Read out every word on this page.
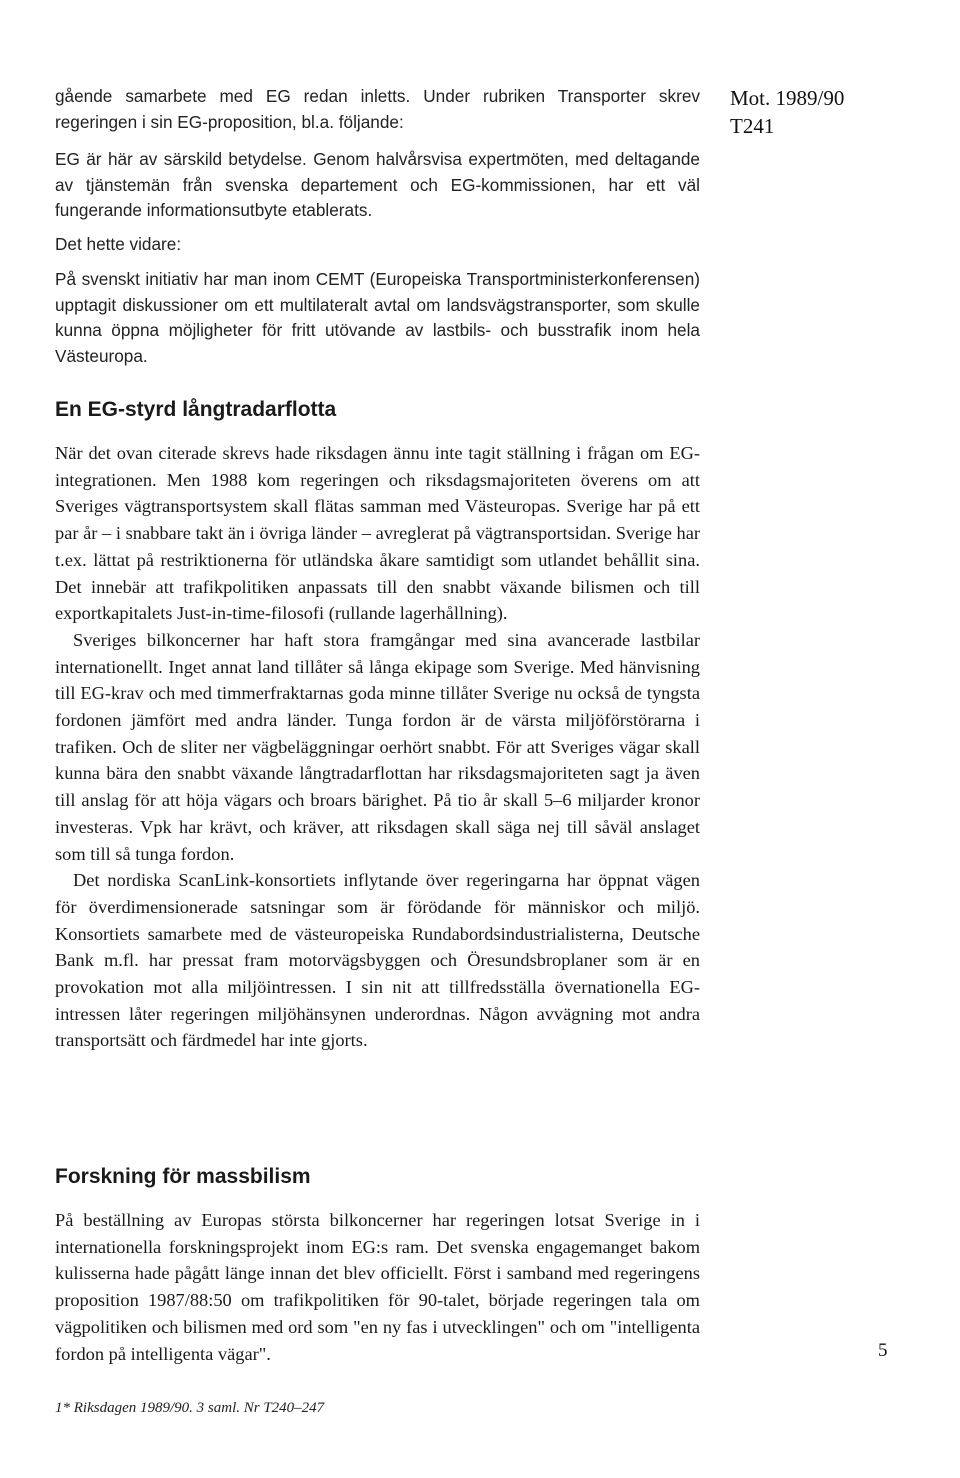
Mot. 1989/90
T241

gående samarbete med EG redan inletts. Under rubriken Transporter skrev regeringen i sin EG-proposition, bl.a. följande:

EG är här av särskild betydelse. Genom halvårsvisa expertmöten, med deltagande av tjänstemän från svenska departement och EG-kommissionen, har ett väl fungerande informationsutbyte etablerats.

Det hette vidare:

På svenskt initiativ har man inom CEMT (Europeiska Transportministerkonferensen) upptagit diskussioner om ett multilateralt avtal om landsvägstransporter, som skulle kunna öppna möjligheter för fritt utövande av lastbils- och busstrafik inom hela Västeuropa.

En EG-styrd långtradarflotta

När det ovan citerade skrevs hade riksdagen ännu inte tagit ställning i frågan om EG-integrationen. Men 1988 kom regeringen och riksdagsmajoriteten överens om att Sveriges vägtransportsystem skall flätas samman med Västeuropas. Sverige har på ett par år – i snabbare takt än i övriga länder – avreglerat på vägtransportsidan. Sverige har t.ex. lättat på restriktionerna för utländska åkare samtidigt som utlandet behållit sina. Det innebär att trafikpolitiken anpassats till den snabbt växande bilismen och till exportkapitalets Just-in-time-filosofi (rullande lagerhållning).

Sveriges bilkoncerner har haft stora framgångar med sina avancerade lastbilar internationellt. Inget annat land tillåter så långa ekipage som Sverige. Med hänvisning till EG-krav och med timmerfraktarnas goda minne tillåter Sverige nu också de tyngsta fordonen jämfört med andra länder. Tunga fordon är de värsta miljöförstörarna i trafiken. Och de sliter ner vägbeläggningar oerhört snabbt. För att Sveriges vägar skall kunna bära den snabbt växande långtradarflottan har riksdagsmajoriteten sagt ja även till anslag för att höja vägars och broars bärighet. På tio år skall 5–6 miljarder kronor investeras. Vpk har krävt, och kräver, att riksdagen skall säga nej till såväl anslaget som till så tunga fordon.

Det nordiska ScanLink-konsortiets inflytande över regeringarna har öppnat vägen för överdimensionerade satsningar som är förödande för människor och miljö. Konsortiets samarbete med de västeuropeiska Rundabordsindustrialisterna, Deutsche Bank m.fl. har pressat fram motorvägsbyggen och Öresundsbroplaner som är en provokation mot alla miljöintressen. I sin nit att tillfredsställa övernationella EG-intressen låter regeringen miljöhänsynen underordnas. Någon avvägning mot andra transportsätt och färdmedel har inte gjorts.

Forskning för massbilism

På beställning av Europas största bilkoncerner har regeringen lotsat Sverige in i internationella forskningsprojekt inom EG:s ram. Det svenska engagemanget bakom kulisserna hade pågått länge innan det blev officiellt. Först i samband med regeringens proposition 1987/88:50 om trafikpolitiken för 90-talet, började regeringen tala om vägpolitiken och bilismen med ord som "en ny fas i utvecklingen" och om "intelligenta fordon på intelligenta vägar".	5
1* Riksdagen 1989/90. 3 saml. Nr T240–247
